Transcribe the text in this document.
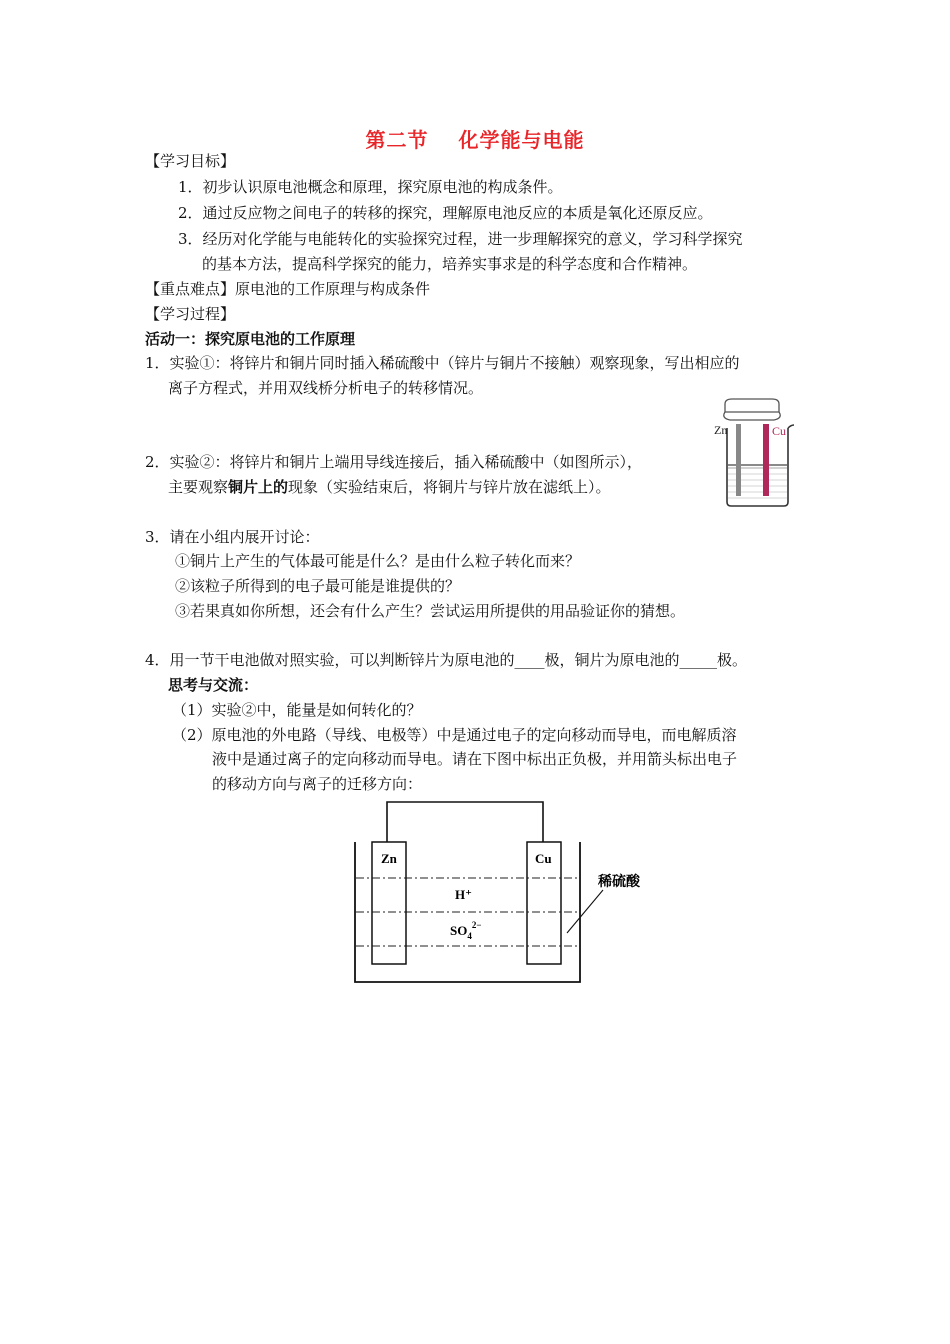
第二节 化学能与电能
【学习目标】
1．初步认识原电池概念和原理，探究原电池的构成条件。
2．通过反应物之间电子的转移的探究，理解原电池反应的本质是氧化还原反应。
3．经历对化学能与电能转化的实验探究过程，进一步理解探究的意义，学习科学探究
的基本方法，提高科学探究的能力，培养实事求是的科学态度和合作精神。
【重点难点】原电池的工作原理与构成条件
【学习过程】
活动一：探究原电池的工作原理
1．实验①：将锌片和铜片同时插入稀硫酸中（锌片与铜片不接触）观察现象，写出相应的
离子方程式，并用双线桥分析电子的转移情况。
2．实验②：将锌片和铜片上端用导线连接后，插入稀硫酸中（如图所示），
主要观察铜片上的现象（实验结束后，将铜片与锌片放在滤纸上）。
3．请在小组内展开讨论：
①铜片上产生的气体最可能是什么？是由什么粒子转化而来？
②该粒子所得到的电子最可能是谁提供的？
③若果真如你所想，还会有什么产生？尝试运用所提供的用品验证你的猜想。
4．用一节干电池做对照实验，可以判断锌片为原电池的____极，铜片为原电池的_____极。
思考与交流：
（1）实验②中，能量是如何转化的？
（2）原电池的外电路（导线、电极等）中是通过电子的定向移动而导电，而电解质溶
液中是通过离子的定向移动而导电。请在下图中标出正负极，并用箭头标出电子
的移动方向与离子的迁移方向：
Zn	Cu
Zn	Cu
H⁺
$SO_4^{2-}$
稀硫酸
